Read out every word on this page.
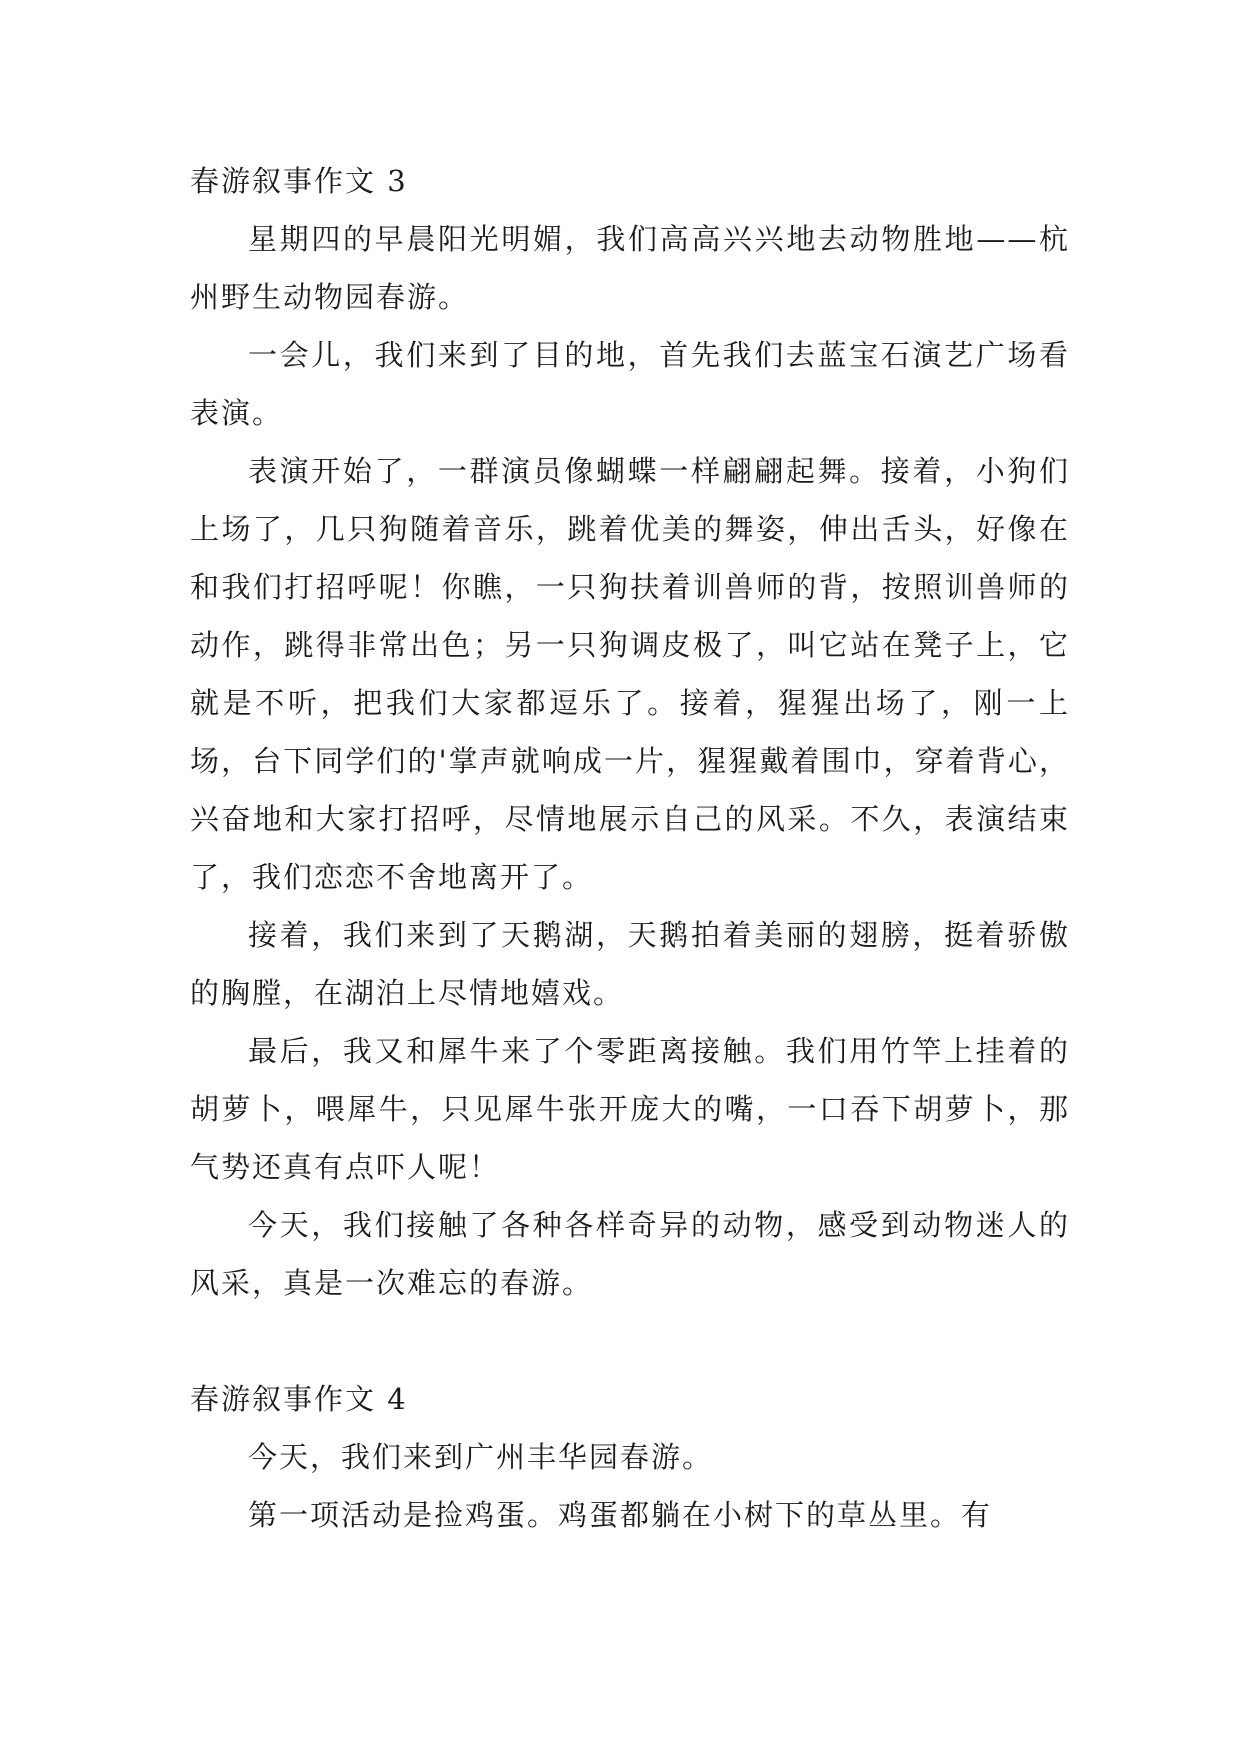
春游叙事作文 3

星期四的早晨阳光明媚，我们高高兴兴地去动物胜地——杭州野生动物园春游。

一会儿，我们来到了目的地，首先我们去蓝宝石演艺广场看表演。

表演开始了，一群演员像蝴蝶一样翩翩起舞。接着，小狗们上场了，几只狗随着音乐，跳着优美的舞姿，伸出舌头，好像在和我们打招呼呢！你瞧，一只狗扶着训兽师的背，按照训兽师的动作，跳得非常出色；另一只狗调皮极了，叫它站在凳子上，它就是不听，把我们大家都逗乐了。接着，猩猩出场了，刚一上场，台下同学们的'掌声就响成一片，猩猩戴着围巾，穿着背心，兴奋地和大家打招呼，尽情地展示自己的风采。不久，表演结束了，我们恋恋不舍地离开了。

接着，我们来到了天鹅湖，天鹅拍着美丽的翅膀，挺着骄傲的胸膛，在湖泊上尽情地嬉戏。

最后，我又和犀牛来了个零距离接触。我们用竹竿上挂着的胡萝卜，喂犀牛，只见犀牛张开庞大的嘴，一口吞下胡萝卜，那气势还真有点吓人呢！

今天，我们接触了各种各样奇异的动物，感受到动物迷人的风采，真是一次难忘的春游。

春游叙事作文 4

今天，我们来到广州丰华园春游。

第一项活动是捡鸡蛋。鸡蛋都躺在小树下的草丛里。有
